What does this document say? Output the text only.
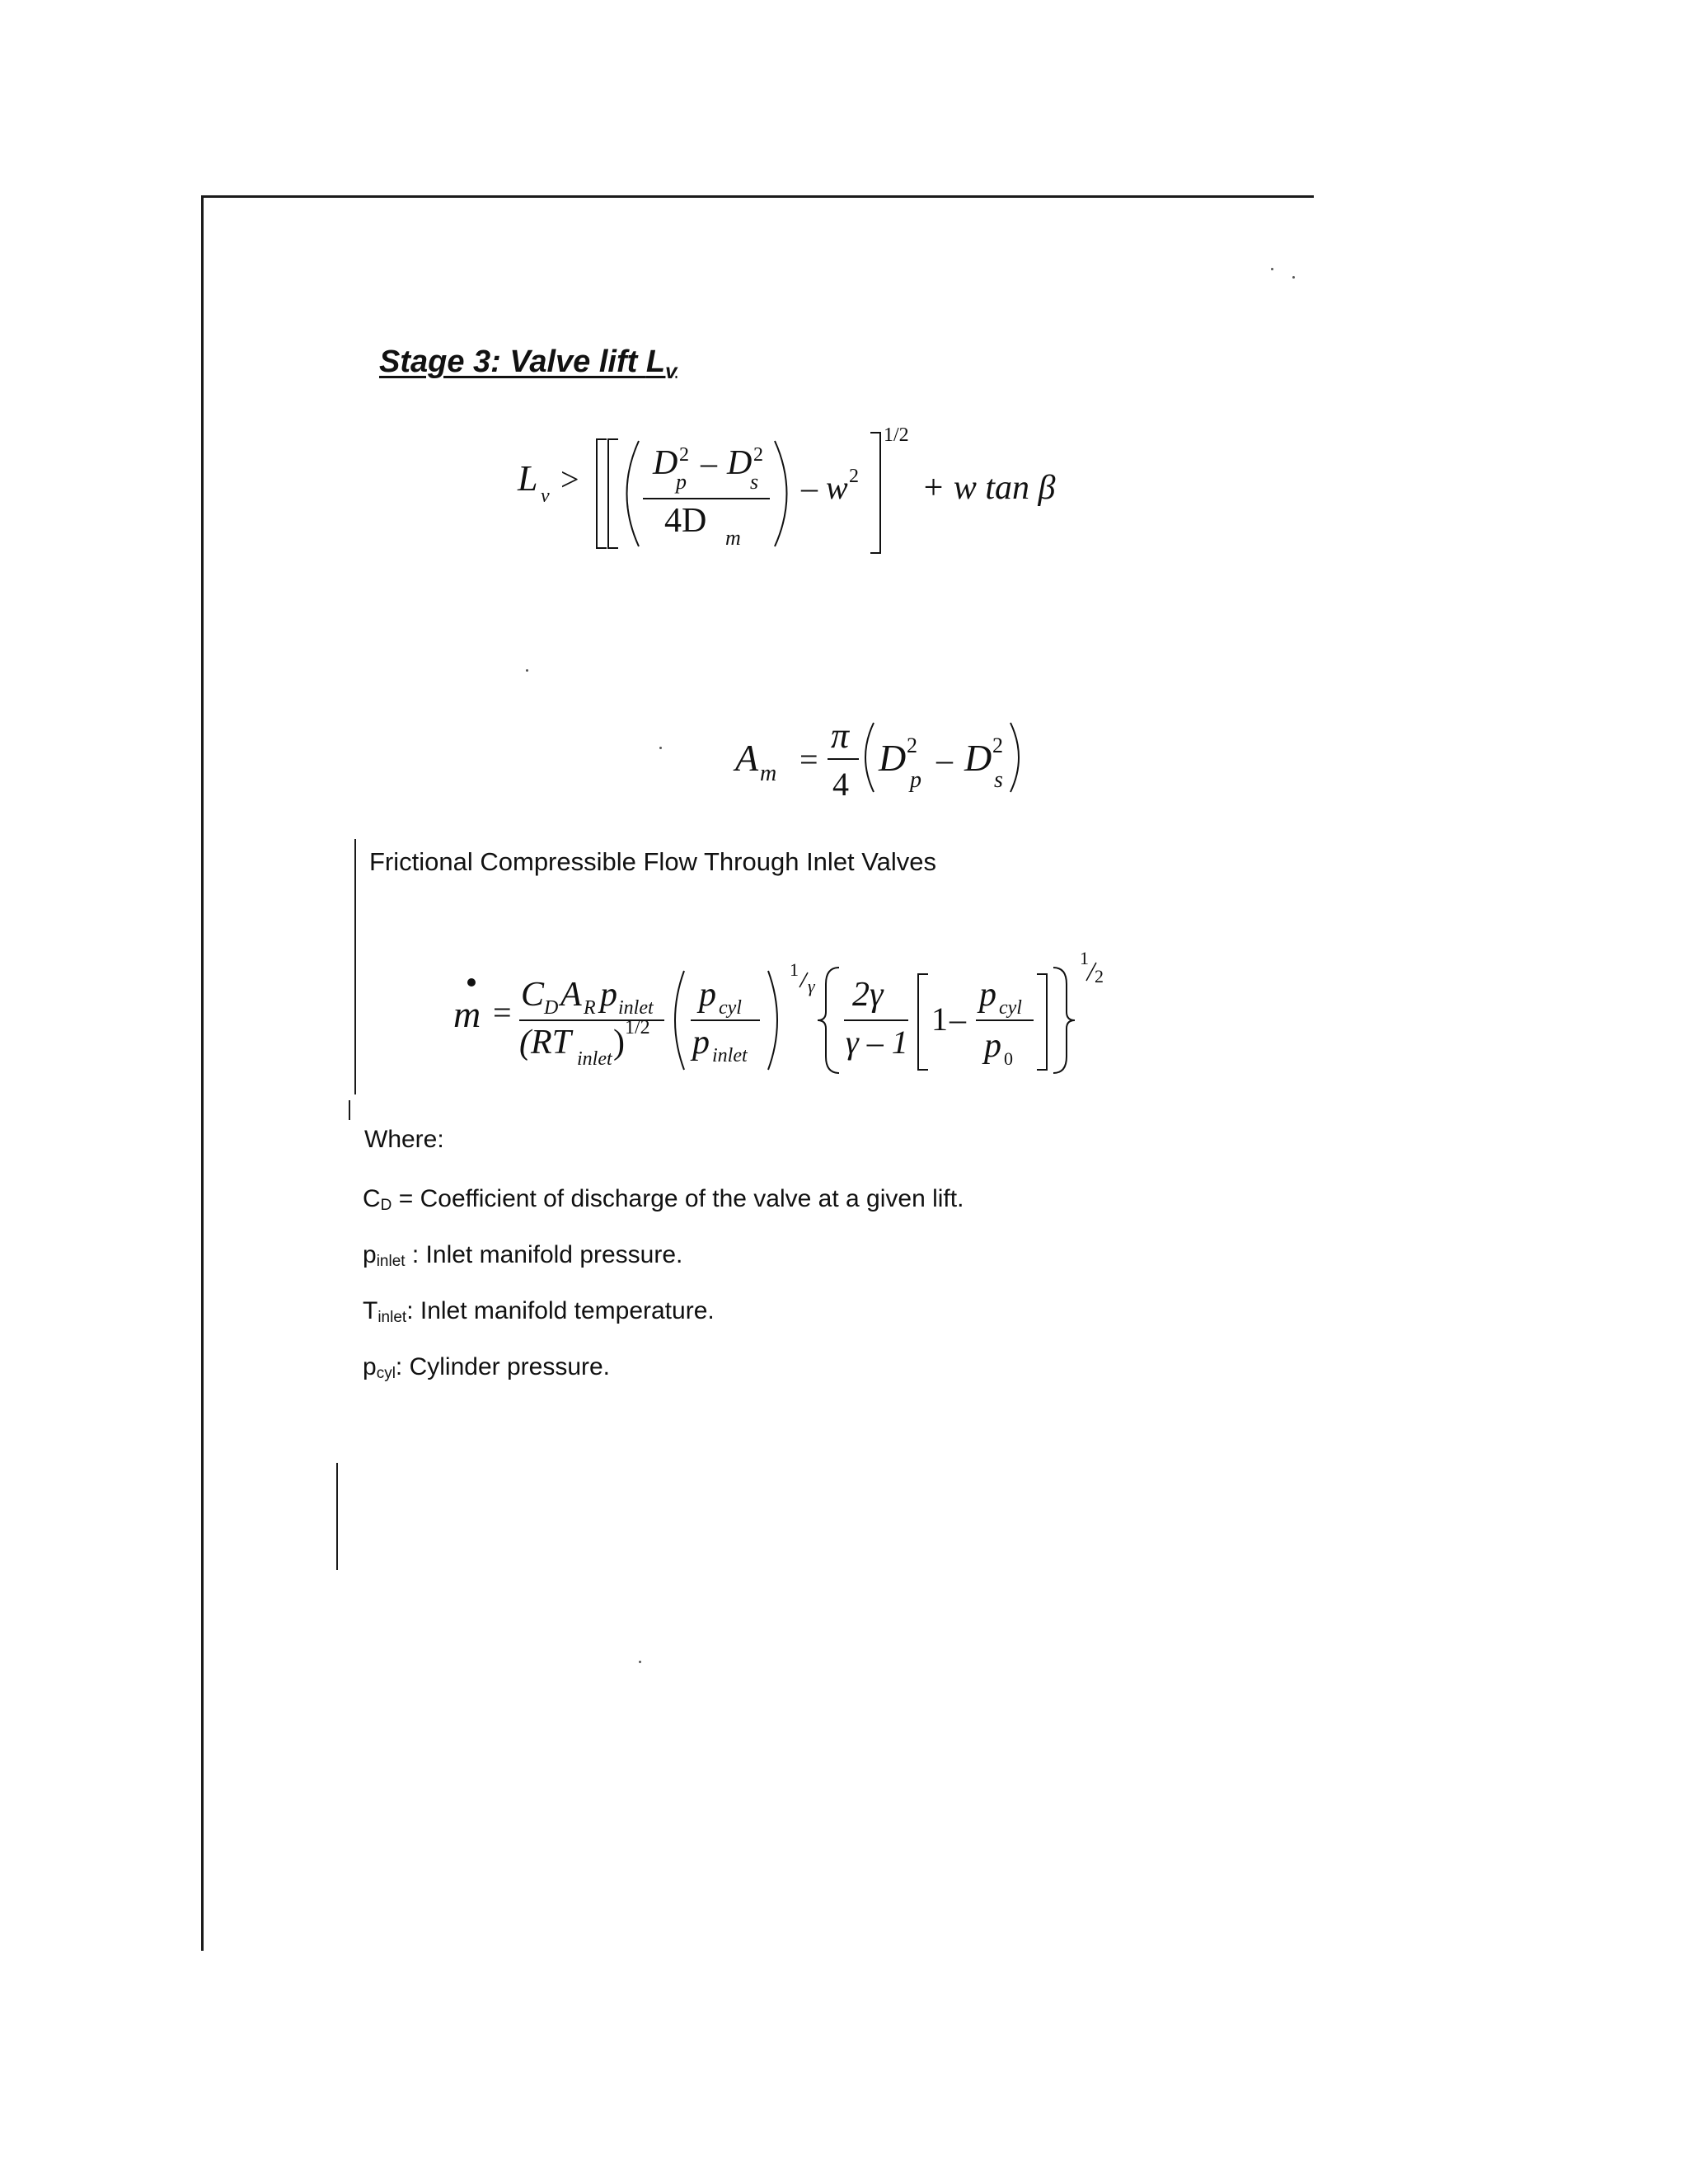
Stage 3: Valve lift $L_v$
L v > D 2
p
– D 2
s
4D m
– w 2
1/2
+ w tan β
A m =
π
4
D 2
p
– D 2
s
Frictional Compressible Flow Through Inlet Valves
m = C D A R p inlet
(RT inlet ) 1/2
p cyl
p inlet
1
γ 2γ
γ – 1
1 –
p cyl
p 0
1
2

Where:

$C_D$ = Coefficient of discharge of the valve at a given lift.

$p_{inlet}$ : Inlet manifold pressure.

$T_{inlet}$: Inlet manifold temperature.

$p_{cyl}$: Cylinder pressure.
